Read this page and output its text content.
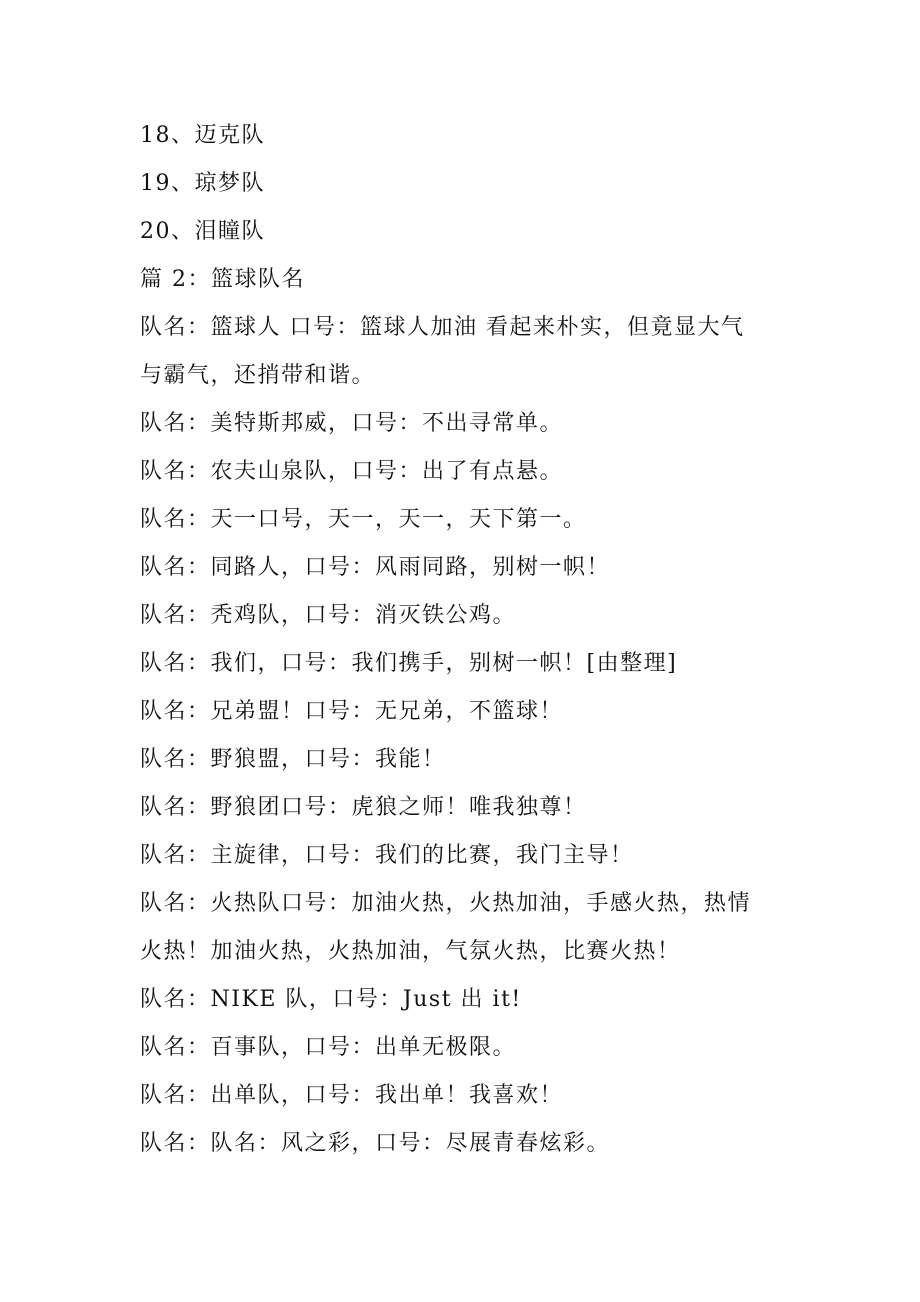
18、迈克队
19、琼梦队
20、泪瞳队
篇 2：篮球队名
队名：篮球人 口号：篮球人加油 看起来朴实，但竟显大气
与霸气，还捎带和谐。
队名：美特斯邦威，口号：不出寻常单。
队名：农夫山泉队，口号：出了有点悬。
队名：天一口号，天一，天一，天下第一。
队名：同路人，口号：风雨同路，别树一帜！
队名：秃鸡队，口号：消灭铁公鸡。
队名：我们，口号：我们携手，别树一帜！[由整理]
队名：兄弟盟！口号：无兄弟，不篮球！
队名：野狼盟，口号：我能！
队名：野狼团口号：虎狼之师！唯我独尊！
队名：主旋律，口号：我们的比赛，我门主导！
队名：火热队口号：加油火热，火热加油，手感火热，热情
火热！加油火热，火热加油，气氛火热，比赛火热！
队名：NIKE 队，口号：Just 出 it!
队名：百事队，口号：出单无极限。
队名：出单队，口号：我出单！我喜欢！
队名：队名：风之彩，口号：尽展青春炫彩。
